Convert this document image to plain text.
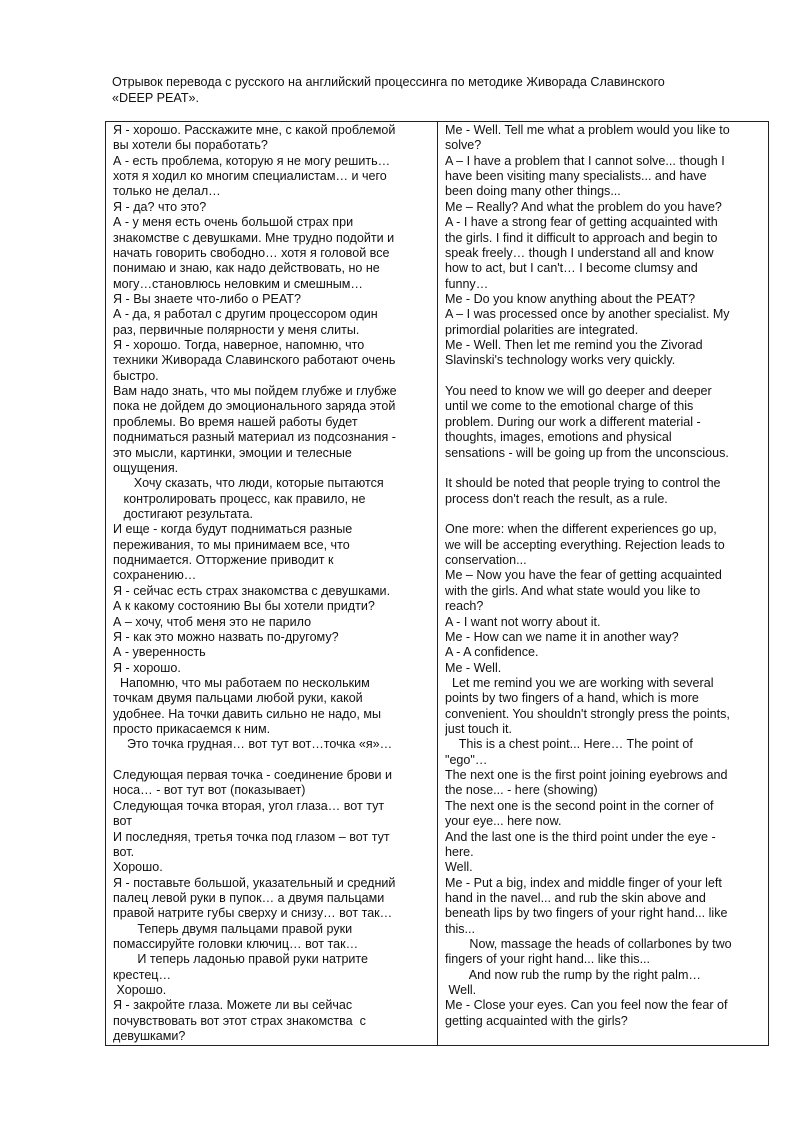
Отрывок перевода с русского на английский процессинга по методике Живорада Славинского
«DEEP PEAT».
Я - хорошо. Расскажите мне, с какой проблемой
вы хотели бы поработать?
А - есть проблема, которую я не могу решить…
хотя я ходил ко многим специалистам… и чего
только не делал…
Я - да? что это?
А - у меня есть очень большой страх при
знакомстве с девушками. Мне трудно подойти и
начать говорить свободно… хотя я головой все
понимаю и знаю, как надо действовать, но не
могу…становлюсь неловким и смешным…
Я - Вы знаете что-либо о PEAT?
А - да, я работал с другим процессором один
раз, первичные полярности у меня слиты.
Я - хорошо. Тогда, наверное, напомню, что
техники Живорада Славинского работают очень
быстро.
Вам надо знать, что мы пойдем глубже и глубже
пока не дойдем до эмоционального заряда этой
проблемы. Во время нашей работы будет
подниматься разный материал из подсознания -
это мысли, картинки, эмоции и телесные
ощущения.
Хочу сказать, что люди, которые пытаются
контролировать процесс, как правило, не
достигают результата.
И еще - когда будут подниматься разные
переживания, то мы принимаем все, что
поднимается. Отторжение приводит к
сохранению…
Я - сейчас есть страх знакомства с девушками.
А к какому состоянию Вы бы хотели придти?
А – хочу, чтоб меня это не парило
Я - как это можно назвать по-другому?
А - уверенность
Я - хорошо.
Напомню, что мы работаем по нескольким
точкам двумя пальцами любой руки, какой
удобнее. На точки давить сильно не надо, мы
просто прикасаемся к ним.
Это точка грудная… вот тут вот…точка «я»…

Следующая первая точка - соединение брови и
носа… - вот тут вот (показывает)
Следующая точка вторая, угол глаза… вот тут
вот
И последняя, третья точка под глазом – вот тут
вот.
Хорошо.
Я - поставьте большой, указательный и средний
палец левой руки в пупок… а двумя пальцами
правой натрите губы сверху и снизу… вот так…
Теперь двумя пальцами правой руки
помассируйте головки ключиц… вот так…
И теперь ладонью правой руки натрите
крестец…
Хорошо.
Я - закройте глаза. Можете ли вы сейчас
почувствовать вот этот страх знакомства  с
девушками?

Me - Well. Tell me what a problem would you like to
solve?
A – I have a problem that I cannot solve... though I
have been visiting many specialists... and have
been doing many other things...
Me – Really? And what the problem do you have?
A - I have a strong fear of getting acquainted with
the girls. I find it difficult to approach and begin to
speak freely… though I understand all and know
how to act, but I can't… I become clumsy and
funny…
Me - Do you know anything about the PEAT?
A – I was processed once by another specialist. My
primordial polarities are integrated.
Me - Well. Then let me remind you the Zivorad
Slavinski's technology works very quickly.

You need to know we will go deeper and deeper
until we come to the emotional charge of this
problem. During our work a different material -
thoughts, images, emotions and physical
sensations - will be going up from the unconscious.

It should be noted that people trying to control the
process don't reach the result, as a rule.

One more: when the different experiences go up,
we will be accepting everything. Rejection leads to
conservation...
Me – Now you have the fear of getting acquainted
with the girls. And what state would you like to
reach?
A - I want not worry about it.
Me - How can we name it in another way?
A - A confidence.
Me - Well.
Let me remind you we are working with several
points by two fingers of a hand, which is more
convenient. You shouldn't strongly press the points,
just touch it.
This is a chest point... Here… The point of
"ego"…
The next one is the first point joining eyebrows and
the nose... - here (showing)
The next one is the second point in the corner of
your eye... here now.
And the last one is the third point under the eye -
here.
Well.
Me - Put a big, index and middle finger of your left
hand in the navel... and rub the skin above and
beneath lips by two fingers of your right hand... like
this...
Now, massage the heads of collarbones by two
fingers of your right hand... like this...
And now rub the rump by the right palm…
Well.
Me - Close your eyes. Can you feel now the fear of
getting acquainted with the girls?
